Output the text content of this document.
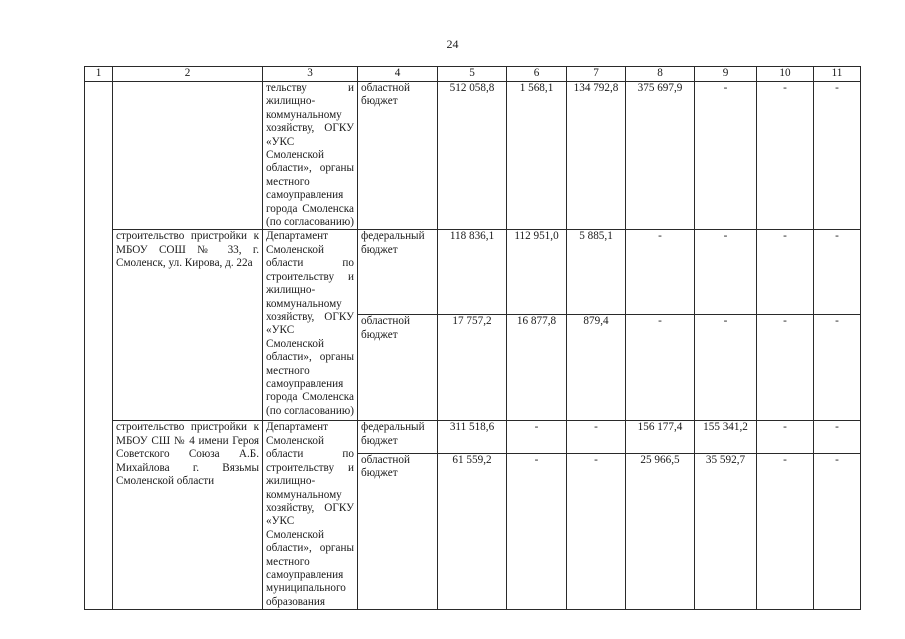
24
1	2	3	4	5	6	7	8	9	10	11
		тельству и жилищно-коммунальному хозяйству, ОГКУ «УКС Смоленской области», органы местного самоуправления города Смоленска (по согласованию)	областной бюджет	512 058,8	1 568,1	134 792,8	375 697,9	-	-	-
	строительство пристройки к МБОУ СОШ № 33, г. Смоленск, ул. Кирова, д. 22а	Департамент Смоленской области по строительству и жилищно-коммунальному хозяйству, ОГКУ «УКС Смоленской области», органы местного самоуправления города Смоленска (по согласованию)	федеральный бюджет	118 836,1	112 951,0	5 885,1	-	-	-	-
			областной бюджет	17 757,2	16 877,8	879,4	-	-	-	-
	строительство пристройки к МБОУ СШ № 4 имени Героя Советского Союза А.Б. Михайлова г. Вязьмы Смоленской области	Департамент Смоленской области по строительству и жилищно-коммунальному хозяйству, ОГКУ «УКС Смоленской области», органы местного самоуправления муниципального образования	федеральный бюджет	311 518,6	-	-	156 177,4	155 341,2	-	-
			областной бюджет	61 559,2	-	-	25 966,5	35 592,7	-	-
